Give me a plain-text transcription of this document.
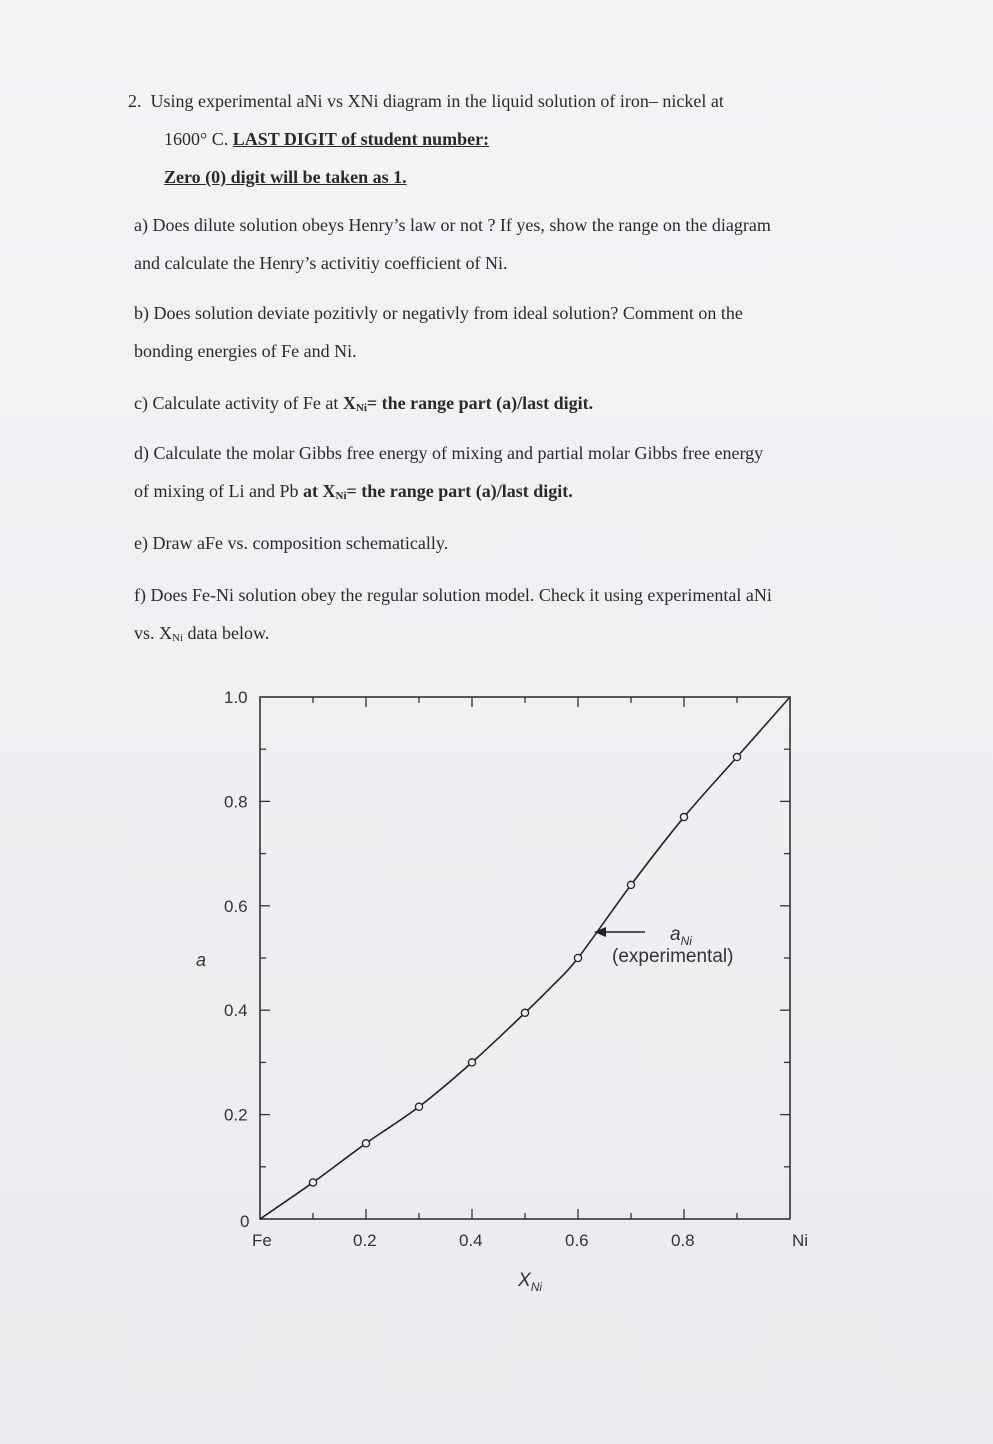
2. Using experimental aNi vs XNi diagram in the liquid solution of iron– nickel at
1600° C. LAST DIGIT of student number:
Zero (0) digit will be taken as 1.
a) Does dilute solution obeys Henry’s law or not ? If yes, show the range on the diagram
and calculate the Henry’s activitiy coefficient of Ni.
b) Does solution deviate pozitivly or negativly from ideal solution? Comment on the
bonding energies of Fe and Ni.
c) Calculate activity of Fe at $X_{Ni}=$ the range part (a)/last digit.
d) Calculate the molar Gibbs free energy of mixing and partial molar Gibbs free energy
of mixing of Li and Pb at $X_{Ni}=$ the range part (a)/last digit.
e) Draw aFe vs. composition schematically.
f) Does Fe-Ni solution obey the regular solution model. Check it using experimental aNi
vs. $X_{Ni}$ data below.
0.2
0.4
0.6
0.8
1.0
0.2	0.4	0.6	0.8
0
Fe	Ni
a
$X_{Ni}$
$a_{Ni}$
(experimental)
